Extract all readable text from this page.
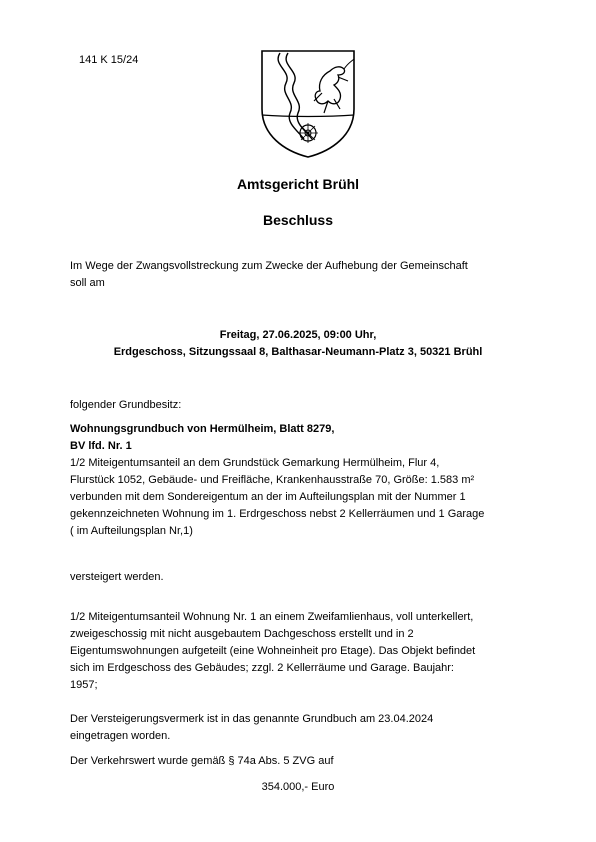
141 K 15/24
Amtsgericht Brühl
Beschluss
Im Wege der Zwangsvollstreckung zum Zwecke der Aufhebung der Gemeinschaft
soll am
Freitag, 27.06.2025, 09:00 Uhr,
Erdgeschoss, Sitzungssaal 8, Balthasar-Neumann-Platz 3, 50321 Brühl
folgender Grundbesitz:
Wohnungsgrundbuch von Hermülheim, Blatt 8279,
BV lfd. Nr. 1
1/2 Miteigentumsanteil an dem Grundstück Gemarkung Hermülheim, Flur 4,
Flurstück 1052, Gebäude- und Freifläche, Krankenhausstraße 70, Größe: 1.583 m²
verbunden mit dem Sondereigentum an der im Aufteilungsplan mit der Nummer 1
gekennzeichneten Wohnung im 1. Erdrgeschoss nebst 2 Kellerräumen und 1 Garage
( im Aufteilungsplan Nr,1)
versteigert werden.
1/2 Miteigentumsanteil Wohnung Nr. 1 an einem Zweifamlienhaus, voll unterkellert,
zweigeschossig mit nicht ausgebautem Dachgeschoss erstellt und in 2
Eigentumswohnungen aufgeteilt (eine Wohneinheit pro Etage). Das Objekt befindet
sich im Erdgeschoss des Gebäudes; zzgl. 2 Kellerräume und Garage. Baujahr:
1957;
Der Versteigerungsvermerk ist in das genannte Grundbuch am 23.04.2024
eingetragen worden.
Der Verkehrswert wurde gemäß § 74a Abs. 5 ZVG auf
354.000,- Euro
